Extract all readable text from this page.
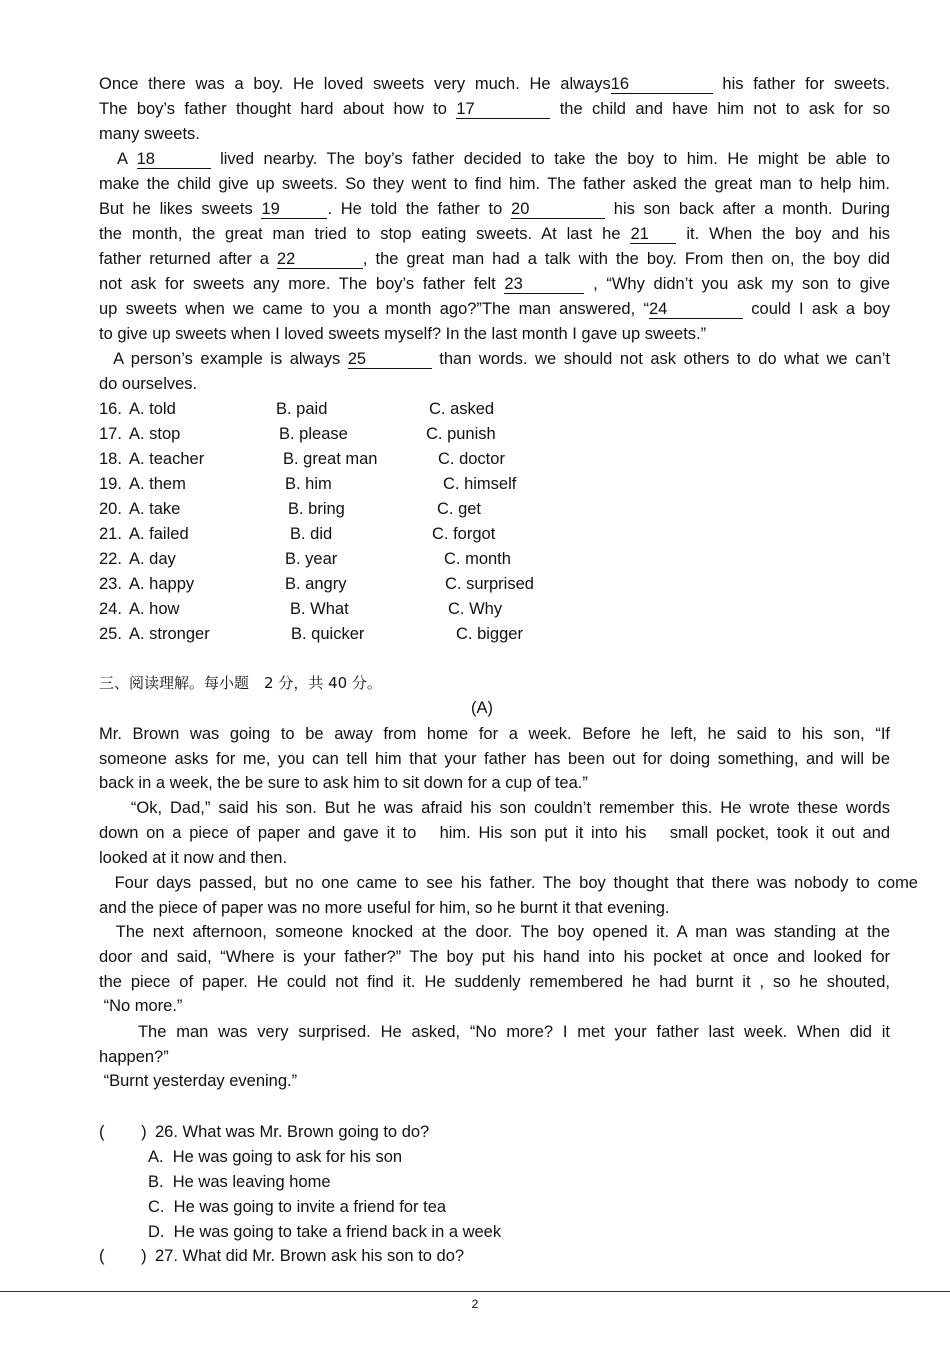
Once there was a boy. He loved sweets very much. He always16	his father for sweets.
The boy’s father thought hard about how to 17	the child and have him not to ask for so
many sweets.
A 18	lived nearby. The boy’s father decided to take the boy to him. He might be able to
make the child give up sweets. So they went to find him. The father asked the great man to help him.
But he likes sweets 19	. He told the father to 20	his son back after a month. During
the month, the great man tried to stop eating sweets. At last he 21 it. When the boy and his
father returned after a 22	, the great man had a talk with the boy. From then on, the boy did
not ask for sweets any more. The boy’s father felt 23	, “Why didn’t you ask my son to give
up sweets when we came to you a month ago?”The man answered, “24	could I ask a boy
to give up sweets when I loved sweets myself? In the last month I gave up sweets.”
A person’s example is always 25	than words. we should not ask others to do what we can’t
do ourselves.
16. A. told	B. paid	C. asked
17. A. stop	B. please	C. punish
18. A. teacher	B. great man	C. doctor
19. A. them	B. him	C. himself
20. A. take	B. bring	C. get
21. A. failed	B. did	C. forgot
22. A. day	B. year	C. month
23. A. happy	B. angry	C. surprised
24. A. how	B. What	C. Why
25. A. stronger	B. quicker	C. bigger
三、阅读理解。每小题　2 分，共 40 分。
(A)
Mr. Brown was going to be away from home for a week. Before he left, he said to his son, “If
someone asks for me, you can tell him that your father has been out for doing something, and will be
back in a week, the be sure to ask him to sit down for a cup of tea.”
“Ok, Dad,” said his son. But he was afraid his son couldn’t remember this. He wrote these words
down on a piece of paper and gave it to   him. His son put it into his   small pocket, took it out and
looked at it now and then.
Four days passed, but no one came to see his father. The boy thought that there was nobody to come
and the piece of paper was no more useful for him, so he burnt it that evening.
The next afternoon, someone knocked at the door. The boy opened it. A man was standing at the
door and said, “Where is your father?” The boy put his hand into his pocket at once and looked for
the piece of paper. He could not find it. He suddenly remembered he had burnt it , so he shouted,
“No more.”
The man was very surprised. He asked, “No more? I met your father last week. When did it
happen?”
“Burnt yesterday evening.”
(        ) 26. What was Mr. Brown going to do?
A.  He was going to ask for his son
B.  He was leaving home
C.  He was going to invite a friend for tea
D.  He was going to take a friend back in a week
(        ) 27. What did Mr. Brown ask his son to do?
2
